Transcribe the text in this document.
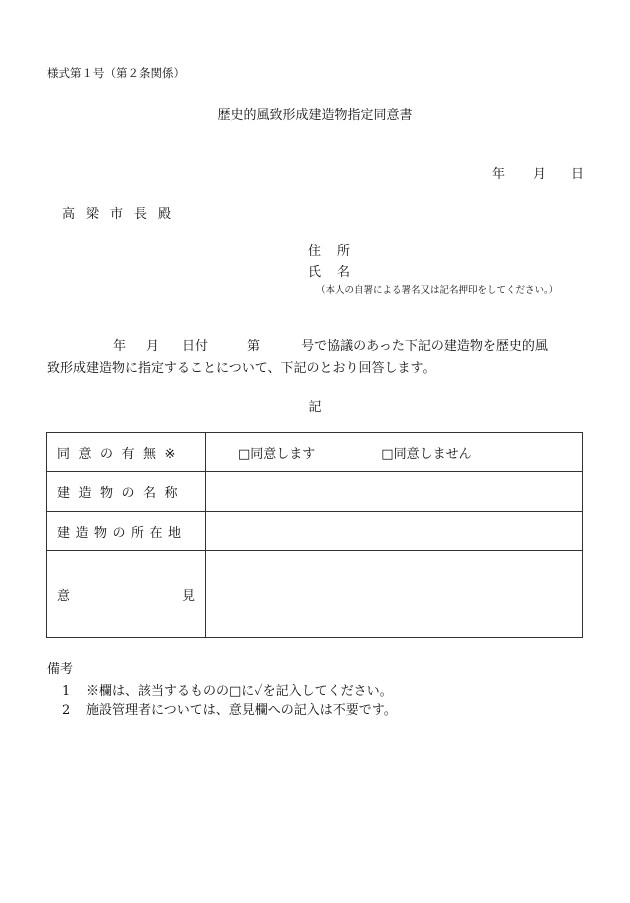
様式第１号（第２条関係）
歴史的風致形成建造物指定同意書
年 月 日
高梁市長殿
住所
氏名
（本人の自署による署名又は記名押印をしてください。）
年 月 日付	第	号で協議のあった下記の建造物を歴史的風
致形成建造物に指定することについて、下記のとおり回答します。
記
同意の有無※	□同意します □同意しません
建造物の名称	
建造物の所在地	

意 見	

備考
1 ※欄は、該当するものの□に✓を記入してください。
2 施設管理者については、意見欄への記入は不要です。
